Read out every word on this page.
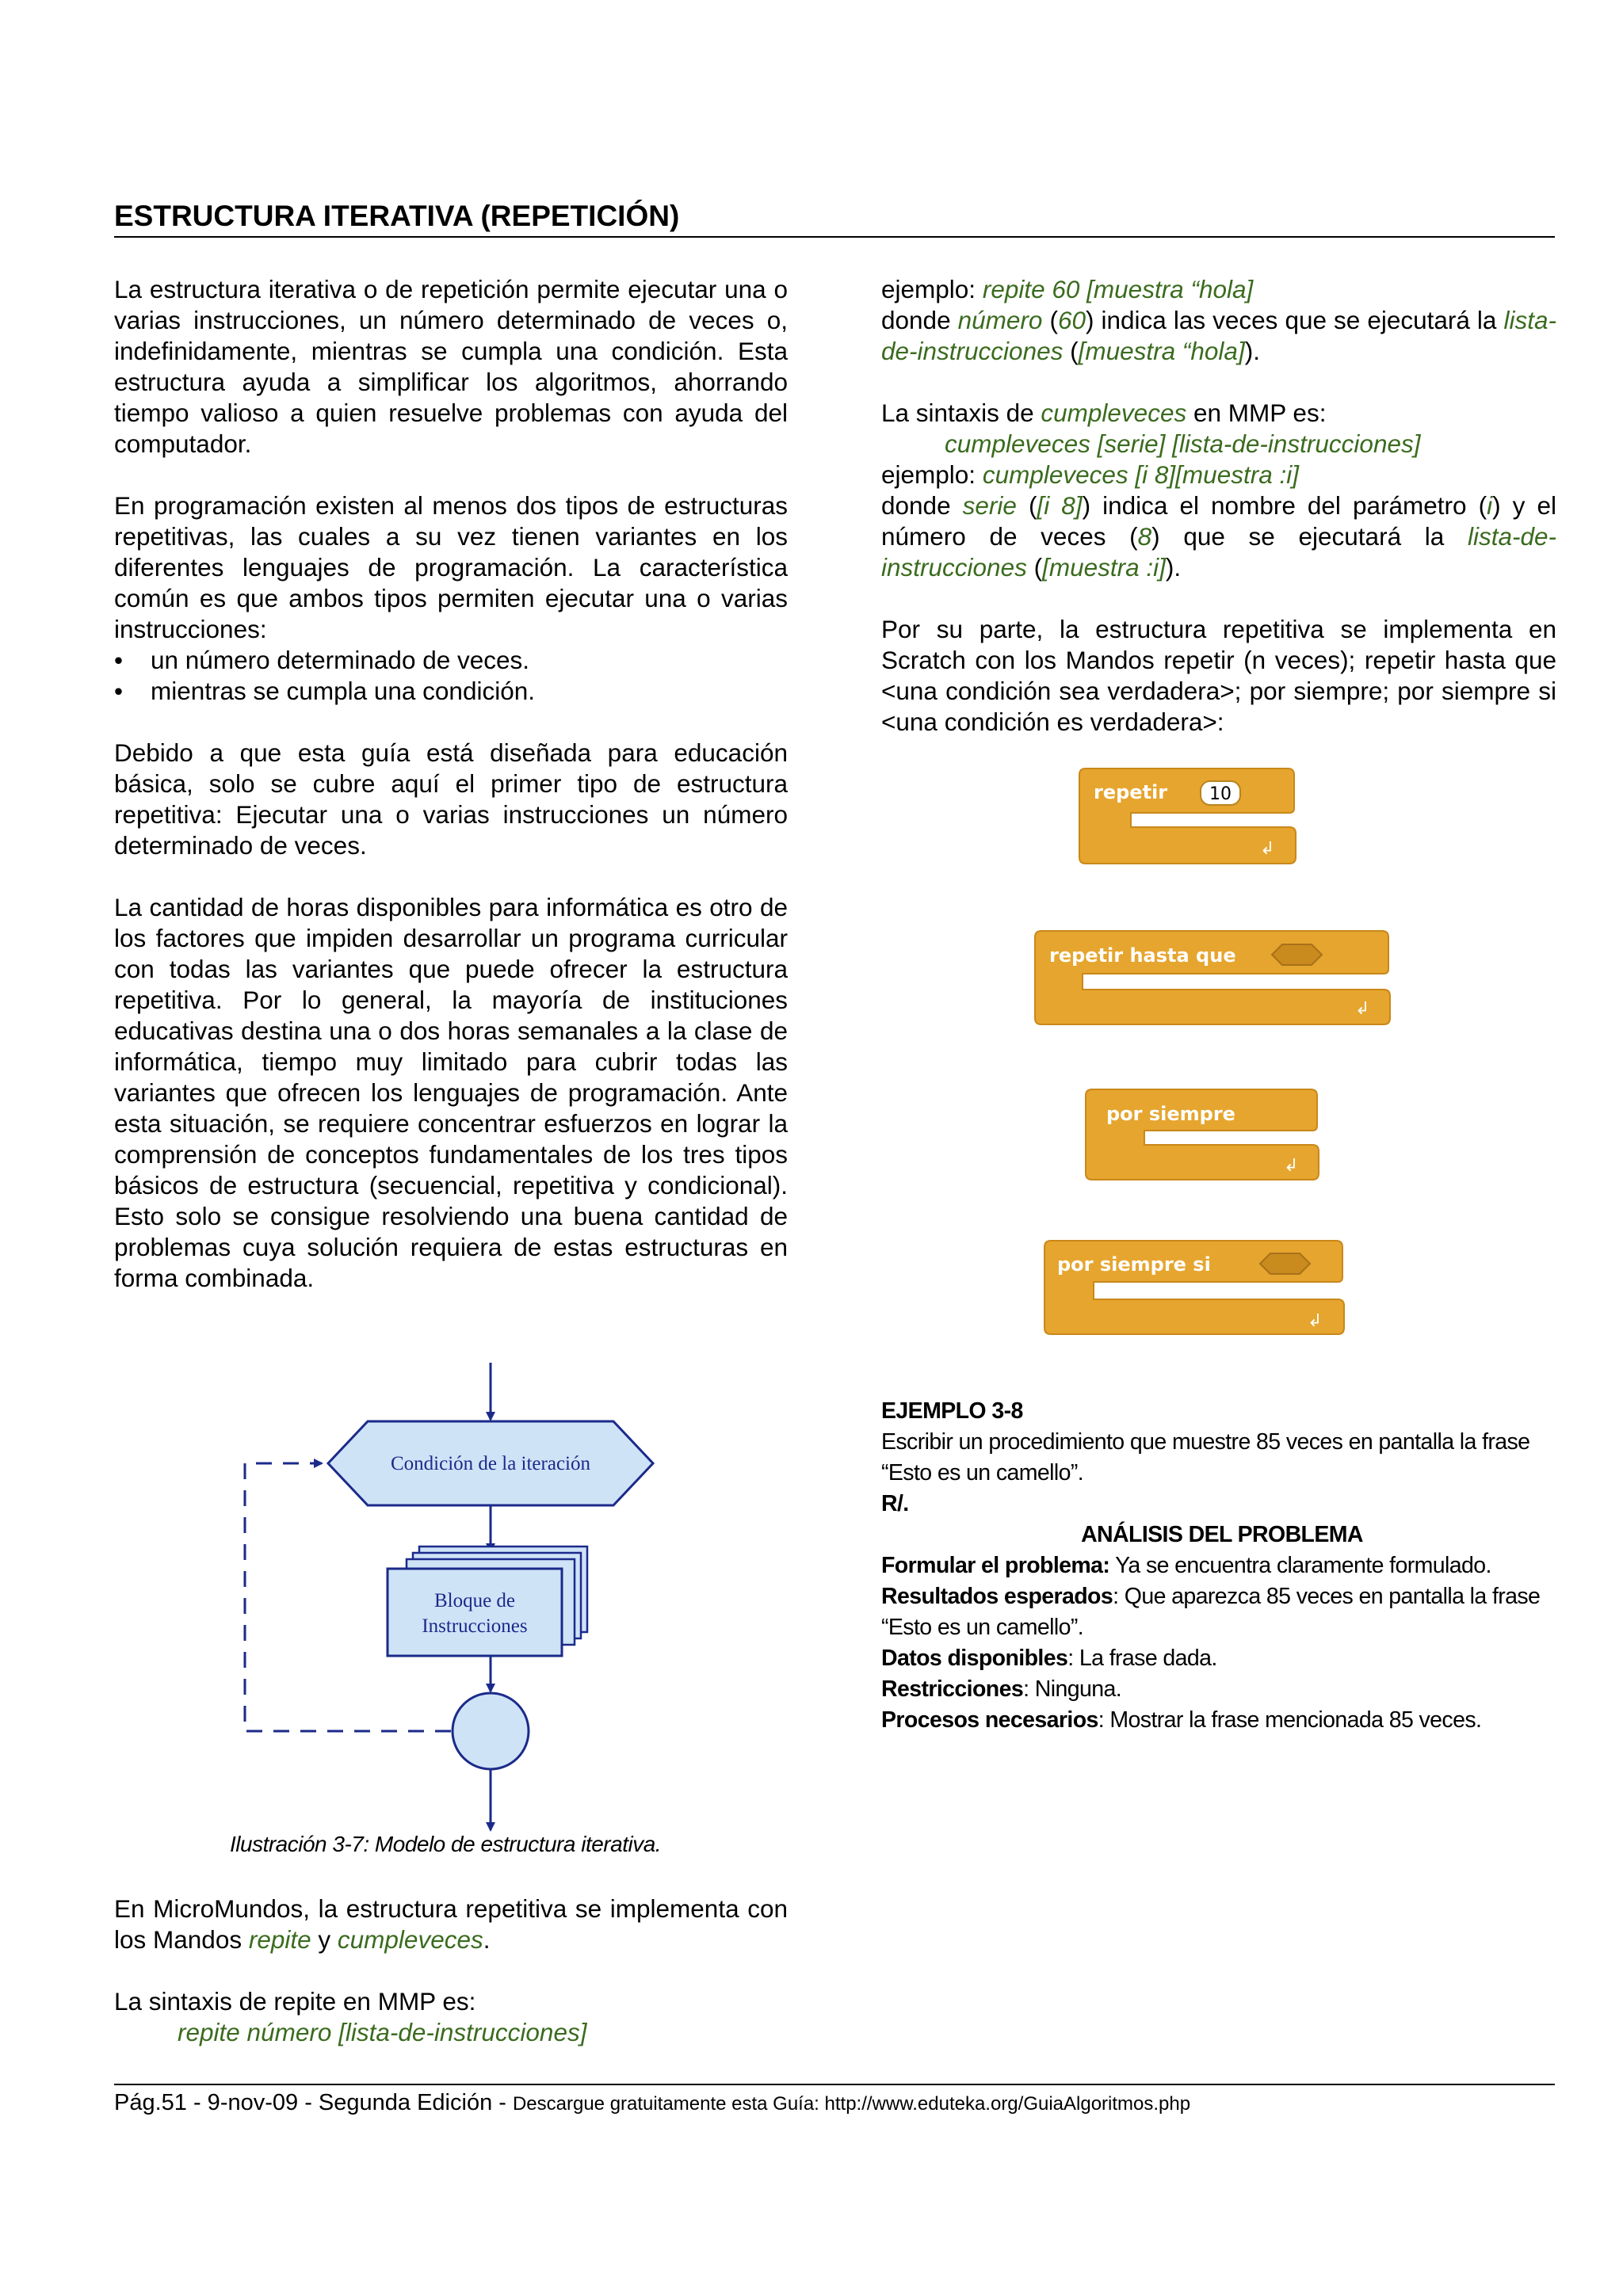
ESTRUCTURA ITERATIVA (REPETICIÓN)

La estructura iterativa o de repetición permite ejecutar una o varias instrucciones, un número determinado de veces o, indefinidamente, mientras se cumpla una condición. Esta estructura ayuda a simplificar los algoritmos, ahorrando tiempo valioso a quien resuelve problemas con ayuda del computador.

En programación existen al menos dos tipos de estructuras repetitivas, las cuales a su vez tienen variantes en los diferentes lenguajes de programación. La característica común es que ambos tipos permiten ejecutar una o varias instrucciones:

• un número determinado de veces.
• mientras se cumpla una condición.

Debido a que esta guía está diseñada para educación básica, solo se cubre aquí el primer tipo de estructura repetitiva: Ejecutar una o varias instrucciones un número determinado de veces.

La cantidad de horas disponibles para informática es otro de los factores que impiden desarrollar un programa curricular con todas las variantes que puede ofrecer la estructura repetitiva. Por lo general, la mayoría de instituciones educativas destina una o dos horas semanales a la clase de informática, tiempo muy limitado para cubrir todas las variantes que ofrecen los lenguajes de programación. Ante esta situación, se requiere concentrar esfuerzos en lograr la comprensión de conceptos fundamentales de los tres tipos básicos de estructura (secuencial, repetitiva y condicional). Esto solo se consigue resolviendo una buena cantidad de problemas cuya solución requiera de estas estructuras en forma combinada.

Condición de la iteración
Bloque de
Instrucciones
Ilustración 3-7: Modelo de estructura iterativa.

En MicroMundos, la estructura repetitiva se implementa con los Mandos repite y cumpleveces.

La sintaxis de repite en MMP es:

repite número [lista-de-instrucciones]

ejemplo: repite 60 [muestra “hola]

donde número (60) indica las veces que se ejecutará la lista-de-instrucciones ([muestra “hola]).

La sintaxis de cumpleveces en MMP es:

cumpleveces [serie] [lista-de-instrucciones]

ejemplo: cumpleveces [i 8][muestra :i]

donde serie ([i 8]) indica el nombre del parámetro (i) y el número de veces (8) que se ejecutará la lista-de-instrucciones ([muestra :i]).

Por su parte, la estructura repetitiva se implementa en Scratch con los Mandos repetir (n veces); repetir hasta que <una condición sea verdadera>; por siempre; por siempre si <una condición es verdadera>:

repetir 10
↲
repetir hasta que
↲
por siempre
↲
por siempre si
↲
EJEMPLO 3-8
Escribir un procedimiento que muestre 85 veces en pantalla la frase “Esto es un camello”.
R/.
ANÁLISIS DEL PROBLEMA
Formular el problema: Ya se encuentra claramente formulado.
Resultados esperados: Que aparezca 85 veces en pantalla la frase “Esto es un camello”.
Datos disponibles: La frase dada.
Restricciones: Ninguna.
Procesos necesarios: Mostrar la frase mencionada 85 veces.
Pág.51 - 9-nov-09 - Segunda Edición - Descargue gratuitamente esta Guía: http://www.eduteka.org/GuiaAlgoritmos.php
